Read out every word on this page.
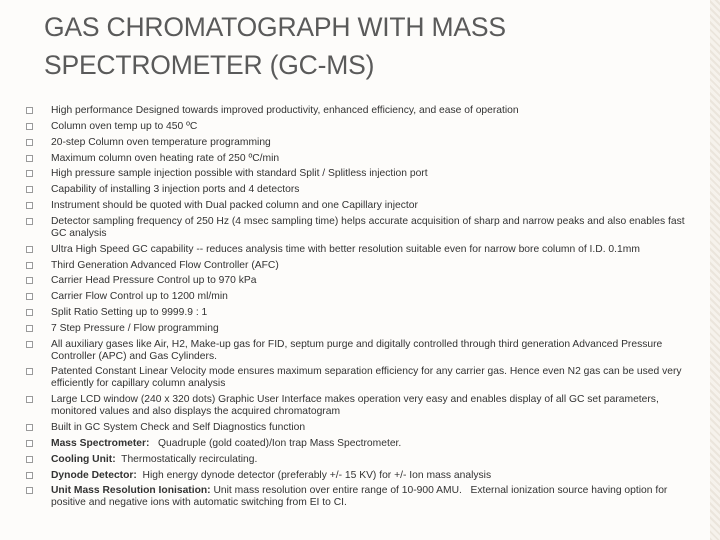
GAS CHROMATOGRAPH WITH MASS SPECTROMETER (GC-MS)
High performance Designed towards improved productivity, enhanced efficiency, and ease of operation
Column oven temp up to 450 ºC
20-step Column oven temperature programming
Maximum column oven heating rate of 250 ºC/min
High pressure sample injection possible with standard Split / Splitless injection port
Capability of installing 3 injection ports and 4 detectors
Instrument should be quoted with Dual packed column and one Capillary injector
Detector sampling frequency of 250 Hz (4 msec sampling time) helps accurate acquisition of sharp and narrow peaks and also enables fast GC analysis
Ultra High Speed GC capability -- reduces analysis time with better resolution suitable even for narrow bore column of I.D. 0.1mm
Third Generation Advanced Flow Controller (AFC)
Carrier Head Pressure Control up to 970 kPa
Carrier Flow Control up to 1200 ml/min
Split Ratio Setting up to 9999.9 : 1
7 Step Pressure / Flow programming
All auxiliary gases like Air, H2, Make-up gas for FID, septum purge and digitally controlled through third generation Advanced Pressure Controller (APC) and Gas Cylinders.
Patented Constant Linear Velocity mode ensures maximum separation efficiency for any carrier gas. Hence even N2 gas can be used very efficiently for capillary column analysis
Large LCD window (240 x 320 dots) Graphic User Interface makes operation very easy and enables display of all GC set parameters, monitored values and also displays the acquired chromatogram
Built in GC System Check and Self Diagnostics function
Mass Spectrometer:   Quadruple (gold coated)/Ion trap Mass Spectrometer.
Cooling Unit:  Thermostatically recirculating.
Dynode Detector:  High energy dynode detector (preferably +/- 15 KV) for +/- Ion mass analysis
Unit Mass Resolution Ionisation: Unit mass resolution over entire range of 10-900 AMU.   External ionization source having option for positive and negative ions with automatic switching from EI to CI.
